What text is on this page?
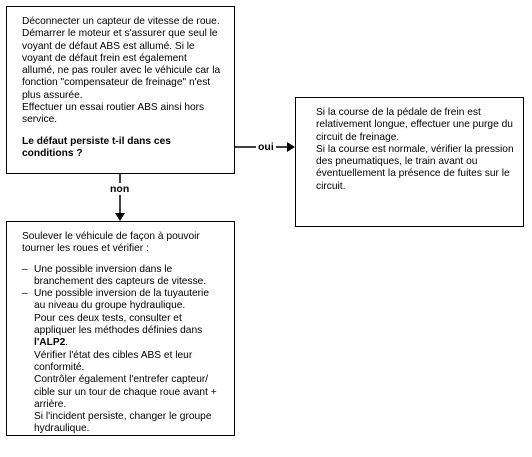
Déconnecter un capteur de vitesse de roue.

Démarrer le moteur et s'assurer que seul le

voyant de défaut ABS est allumé. Si le

voyant de défaut frein est également

allumé, ne pas rouler avec le véhicule car la

fonction "compensateur de freinage" n'est

plus assurée.

Effectuer un essai routier ABS ainsi hors

service.

Le défaut persiste t-il dans ces

conditions ?

Si la course de la pédale de frein est

relativement longue, effectuer une purge du

circuit de freinage.

Si la course est normale, vérifier la pression

des pneumatiques, le train avant ou

éventuellement la présence de fuites sur le

circuit.

Soulever le véhicule de façon à pouvoir

tourner les roues et vérifier :

– Une possible inversion dans le

branchement des capteurs de vitesse.

– Une possible inversion de la tuyauterie

au niveau du groupe hydraulique.

Pour ces deux tests, consulter et

appliquer les méthodes définies dans

l'ALP2.

Vérifier l'état des cibles ABS et leur

conformité.

Contrôler également l'entrefer capteur/

cible sur un tour de chaque roue avant +

arrière.

Si l'incident persiste, changer le groupe

hydraulique.

oui
non
